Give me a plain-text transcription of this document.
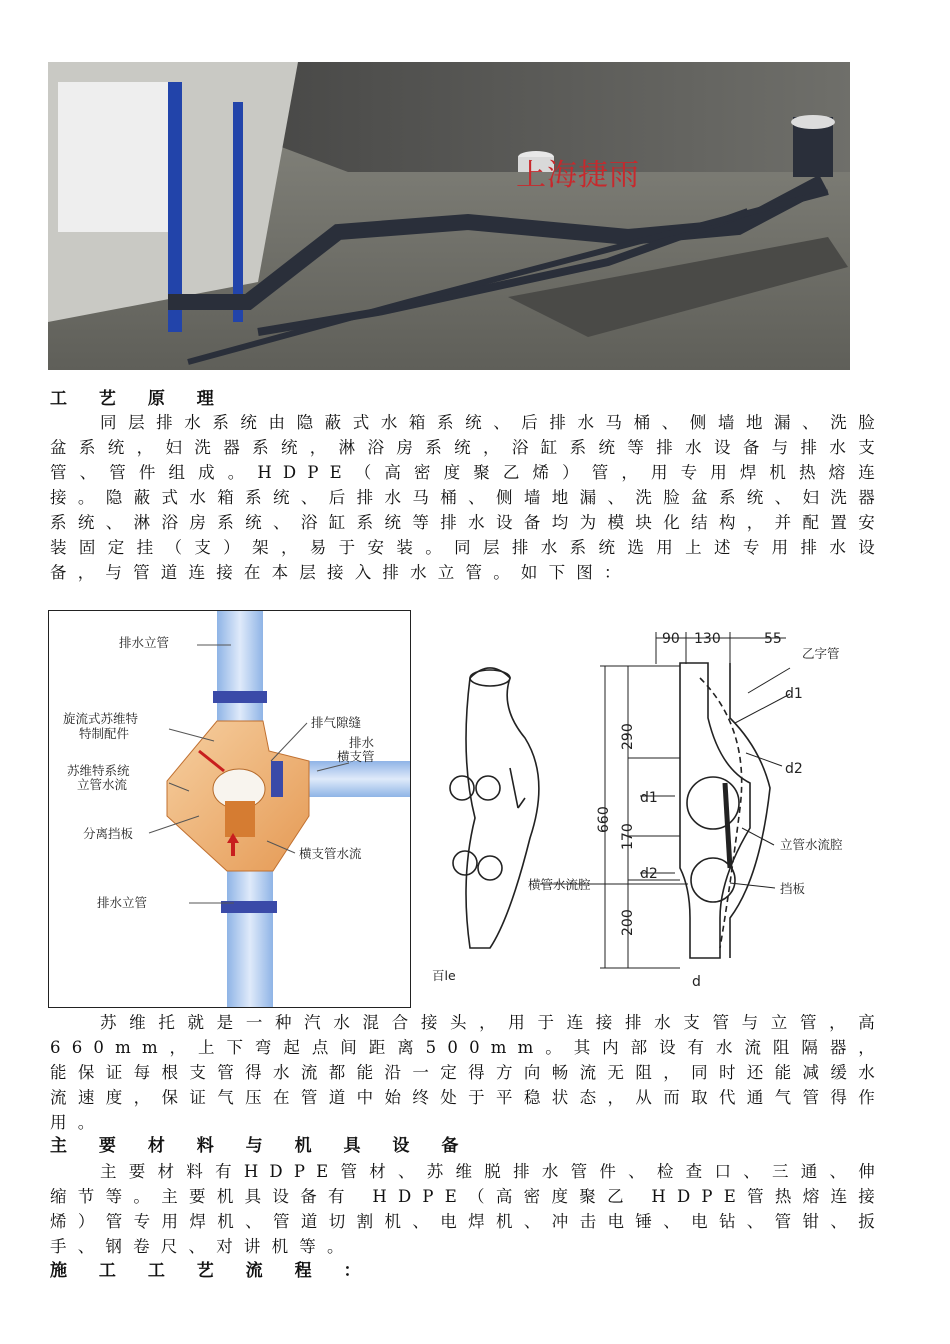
上海捷雨
工 艺 原 理
同层排水系统由隐蔽式水箱系统、后排水马桶、侧墙地漏、洗脸盆系统，妇洗器系统，淋浴房系统，浴缸系统等排水设备与排水支管、管件组成。HDPE（高密度聚乙烯）管，用专用焊机热熔连接。隐蔽式水箱系统、后排水马桶、侧墙地漏、洗脸盆系统、妇洗器系统、淋浴房系统、浴缸系统等排水设备均为模块化结构，并配置安装固定挂（支）架，易于安装。同层排水系统选用上述专用排水设备，与管道连接在本层接入排水立管。如下图：
排水立管
旋流式苏维特
特制配件
排气隙缝
排水
横支管
苏维特系统
立管水流
分离挡板
横支管水流
排水立管
90 130	55
660
290
170
200
乙字管
d1
d1
d2
d2
立管水流腔
横管水流腔	挡板
d
百le
苏维托就是一种汽水混合接头，用于连接排水支管与立管，高660mm，上下弯起点间距离500mm。其内部设有水流阻隔器，能保证每根支管得水流都能沿一定得方向畅流无阻，同时还能减缓水流速度，保证气压在管道中始终处于平稳状态，从而取代通气管得作用。
主 要 材 料 与 机 具 设 备
主要材料有HDPE管材、苏维脱排水管件、检查口、三通、伸缩节等。主要机具设备有 HDPE（高密度聚乙 HDPE管热熔连接烯）管专用焊机、管道切割机、电焊机、冲击电锤、电钻、管钳、扳手、钢卷尺、对讲机等。
施 工 工 艺 流 程 ：
